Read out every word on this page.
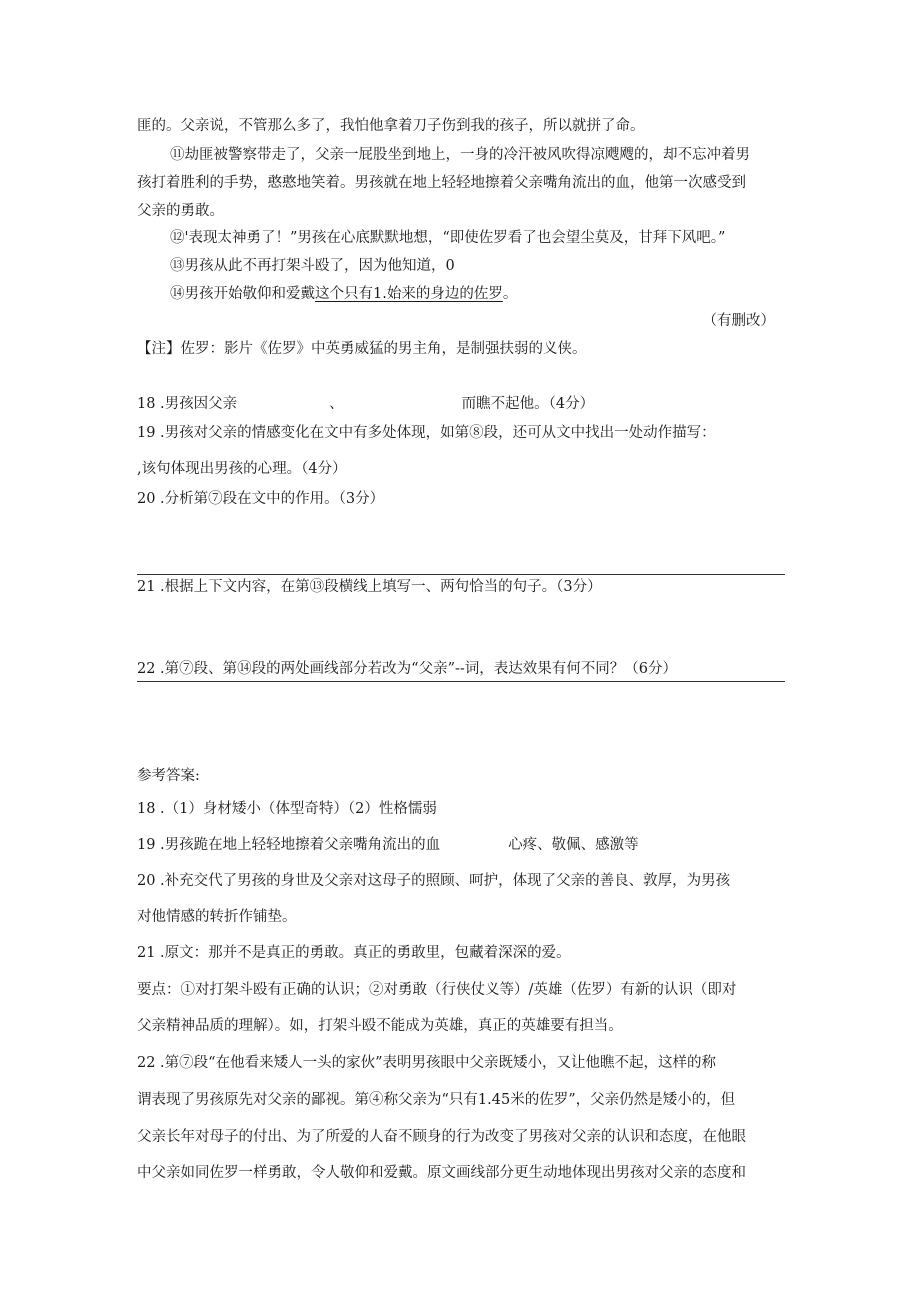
匪的。父亲说，不管那么多了，我怕他拿着刀子伤到我的孩子，所以就拼了命。
⑪劫匪被警察带走了，父亲一屁股坐到地上，一身的冷汗被风吹得凉飕飕的，却不忘冲着男
孩打着胜利的手势，憨憨地笑着。男孩就在地上轻轻地擦着父亲嘴角流出的血，他第一次感受到
父亲的勇敢。
⑫'表现太神勇了！”男孩在心底默默地想，“即使佐罗看了也会望尘莫及，甘拜下风吧。”
⑬男孩从此不再打架斗殴了，因为他知道，0
⑭男孩开始敬仰和爱戴这个只有1.始来的身边的佐罗。
（有删改）
【注】佐罗：影片《佐罗》中英勇威猛的男主角，是制强扶弱的义侠。
18 .男孩因父亲	、	而瞧不起他。（4分）
19 .男孩对父亲的情感变化在文中有多处体现，如第⑧段，还可从文中找出一处动作描写：
,该句体现出男孩的心理。（4分）
20 .分析第⑦段在文中的作用。（3分）
21 .根据上下文内容，在第⑬段横线上填写一、两句恰当的句子。（3分）
22 .第⑦段、第⑭段的两处画线部分若改为“父亲”--词，表达效果有何不同？（6分）
参考答案:
18 .（1）身材矮小（体型奇特）（2）性格懦弱
19 .男孩跪在地上轻轻地擦着父亲嘴角流出的血	心疼、敬佩、感激等
20 .补充交代了男孩的身世及父亲对这母子的照顾、呵护，体现了父亲的善良、敦厚，为男孩
对他情感的转折作铺垫。
21 .原文：那并不是真正的勇敢。真正的勇敢里，包藏着深深的爱。
要点：①对打架斗殴有正确的认识；②对勇敢（行侠仗义等）/英雄（佐罗）有新的认识（即对
父亲精神品质的理解）。如，打架斗殴不能成为英雄，真正的英雄要有担当。
22 .第⑦段“在他看来矮人一头的家伙”表明男孩眼中父亲既矮小，又让他瞧不起，这样的称
谓表现了男孩原先对父亲的鄙视。第④称父亲为“只有1.45米的佐罗”，父亲仍然是矮小的，但
父亲长年对母子的付出、为了所爱的人奋不顾身的行为改变了男孩对父亲的认识和态度，在他眼
中父亲如同佐罗一样勇敢，令人敬仰和爱戴。原文画线部分更生动地体现出男孩对父亲的态度和
